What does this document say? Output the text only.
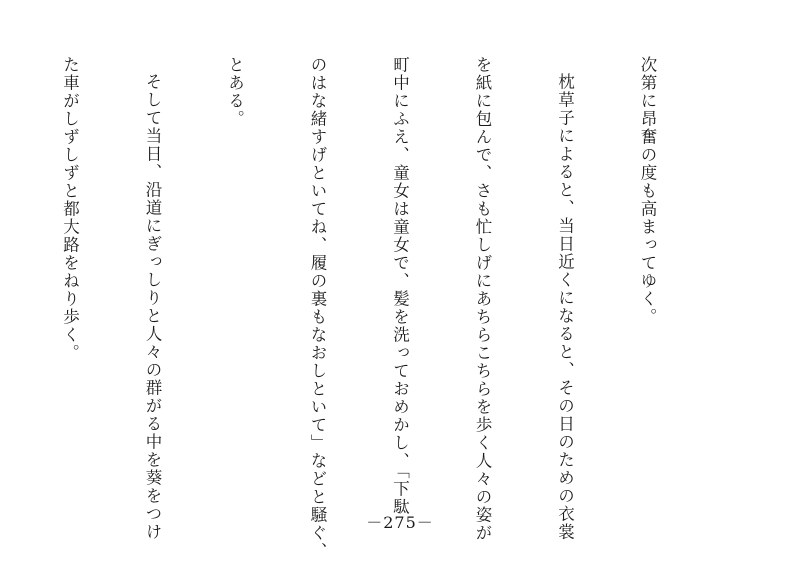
次第に昂奮の度も高まってゆく。

枕草子によると、当日近くになると、その日のための衣裳

を紙に包んで、さも忙しげにあちらこちらを歩く人々の姿が

町中にふえ、童女は童女で、髪を洗っておめかし、「下駄

のはな緒すげといてね、履の裏もなおしといて」などと騒ぐ、

とある。

そして当日、沿道にぎっしりと人々の群がる中を葵をつけ

た車がしずしずと都大路をねり歩く。

－275－
